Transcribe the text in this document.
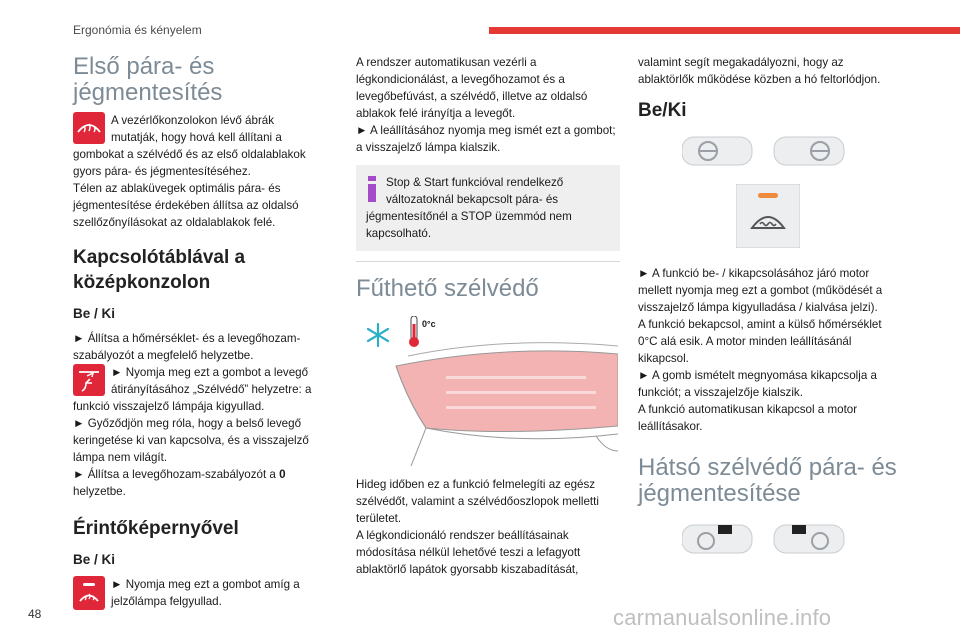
Ergonómia és kényelem
Első pára- és jégmentesítés

A vezérlőkonzolokon lévő ábrák mutatják, hogy hová kell állítani a gombokat a szélvédő és az első oldalablakok gyors pára- és jégmentesítéséhez.

Télen az ablaküvegek optimális pára- és jégmentesítése érdekében állítsa az oldalsó szellőzőnyílásokat az oldalablakok felé.

Kapcsolótáblával a középkonzolon
Be / Ki

► Állítsa a hőmérséklet- és a levegőhozam-szabályozót a megfelelő helyzetbe.

► Nyomja meg ezt a gombot a levegő átirányításához „Szélvédő” helyzetre: a funkció visszajelző lámpája kigyullad.

► Győződjön meg róla, hogy a belső levegő keringetése ki van kapcsolva, és a visszajelző lámpa nem világít.

► Állítsa a levegőhozam-szabályozót a 0
helyzetbe.

Érintőképernyővel
Be / Ki

► Nyomja meg ezt a gombot amíg a jelzőlámpa felgyullad.

A rendszer automatikusan vezérli a légkondicionálást, a levegőhozamot és a levegőbefúvást, a szélvédő, illetve az oldalsó ablakok felé irányítja a levegőt.

► A leállításához nyomja meg ismét ezt a gombot; a visszajelző lámpa kialszik.

Stop & Start funkcióval rendelkező változatoknál bekapcsolt pára- és jégmentesítőnél a STOP üzemmód nem kapcsolható.
Fűthető szélvédő
0°c

Hideg időben ez a funkció felmelegíti az egész szélvédőt, valamint a szélvédőoszlopok melletti területet.

A légkondicionáló rendszer beállításainak módosítása nélkül lehetővé teszi a lefagyott ablaktörlő lapátok gyorsabb kiszabadítását,

valamint segít megakadályozni, hogy az ablaktörlők működése közben a hó feltorlódjon.

Be/Ki

► A funkció be- / kikapcsolásához járó motor mellett nyomja meg ezt a gombot (működését a visszajelző lámpa kigyulladása / kialvása jelzi).

A funkció bekapcsol, amint a külső hőmérséklet 0°C alá esik. A motor minden leállításánál kikapcsol.

► A gomb ismételt megnyomása kikapcsolja a funkciót; a visszajelzője kialszik.

A funkció automatikusan kikapcsol a motor leállításakor.

Hátsó szélvédő pára- és jégmentesítése
48	carmanualsonline.info
